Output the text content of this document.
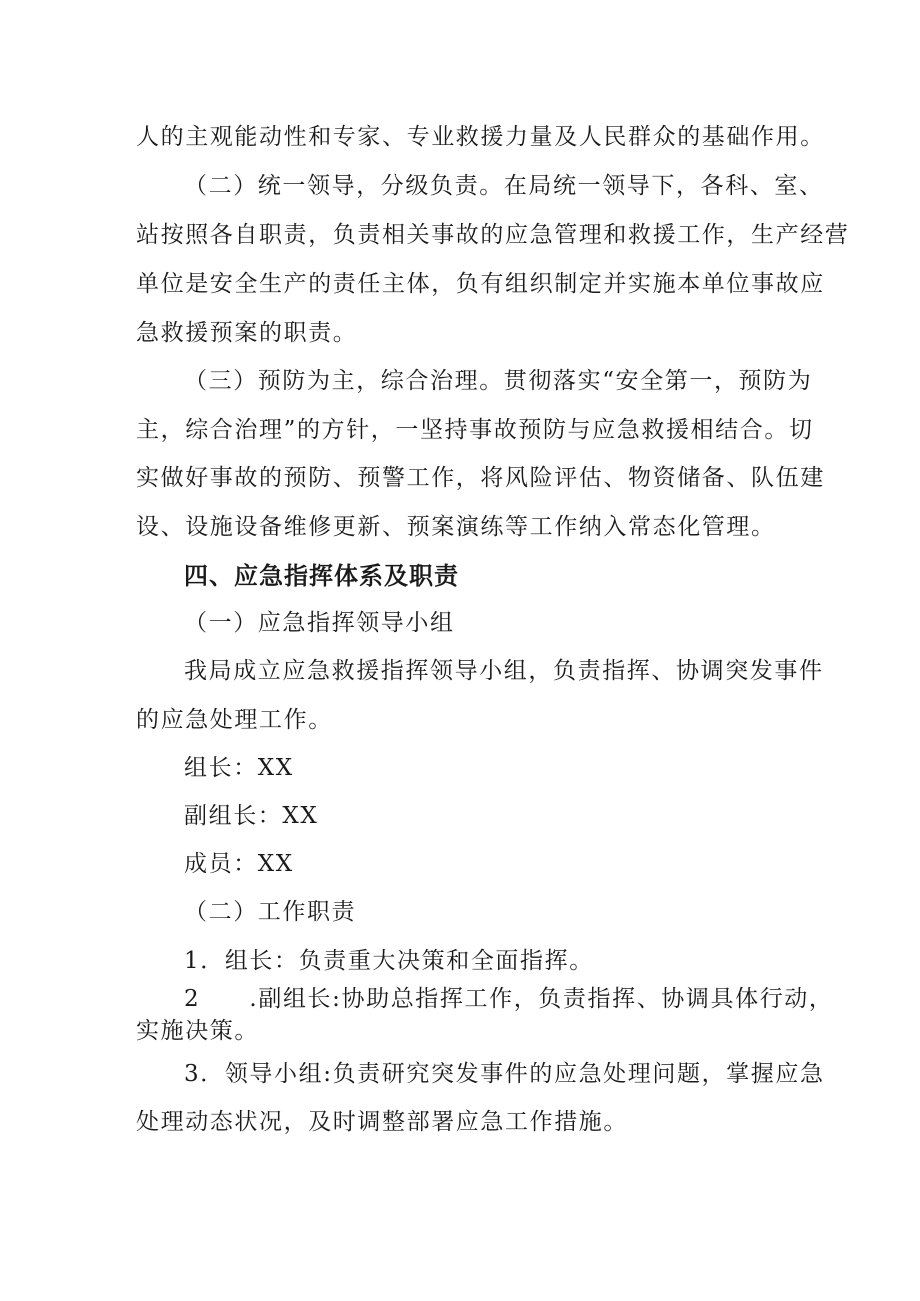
人的主观能动性和专家、专业救援力量及人民群众的基础作用。
（二）统一领导，分级负责。在局统一领导下，各科、室、
站按照各自职责，负责相关事故的应急管理和救援工作，生产经营
单位是安全生产的责任主体，负有组织制定并实施本单位事故应
急救援预案的职责。
（三）预防为主，综合治理。贯彻落实“安全第一，预防为
主，综合治理”的方针，一坚持事故预防与应急救援相结合。切
实做好事故的预防、预警工作，将风险评估、物资储备、队伍建
设、设施设备维修更新、预案演练等工作纳入常态化管理。
四、应急指挥体系及职责
（一）应急指挥领导小组
我局成立应急救援指挥领导小组，负责指挥、协调突发事件
的应急处理工作。
组长：XX
副组长：XX
成员：XX
（二）工作职责
1．组长：负责重大决策和全面指挥。
2　　.副组长:协助总指挥工作，负责指挥、协调具体行动，
实施决策。
3．领导小组:负责研究突发事件的应急处理问题，掌握应急
处理动态状况，及时调整部署应急工作措施。
